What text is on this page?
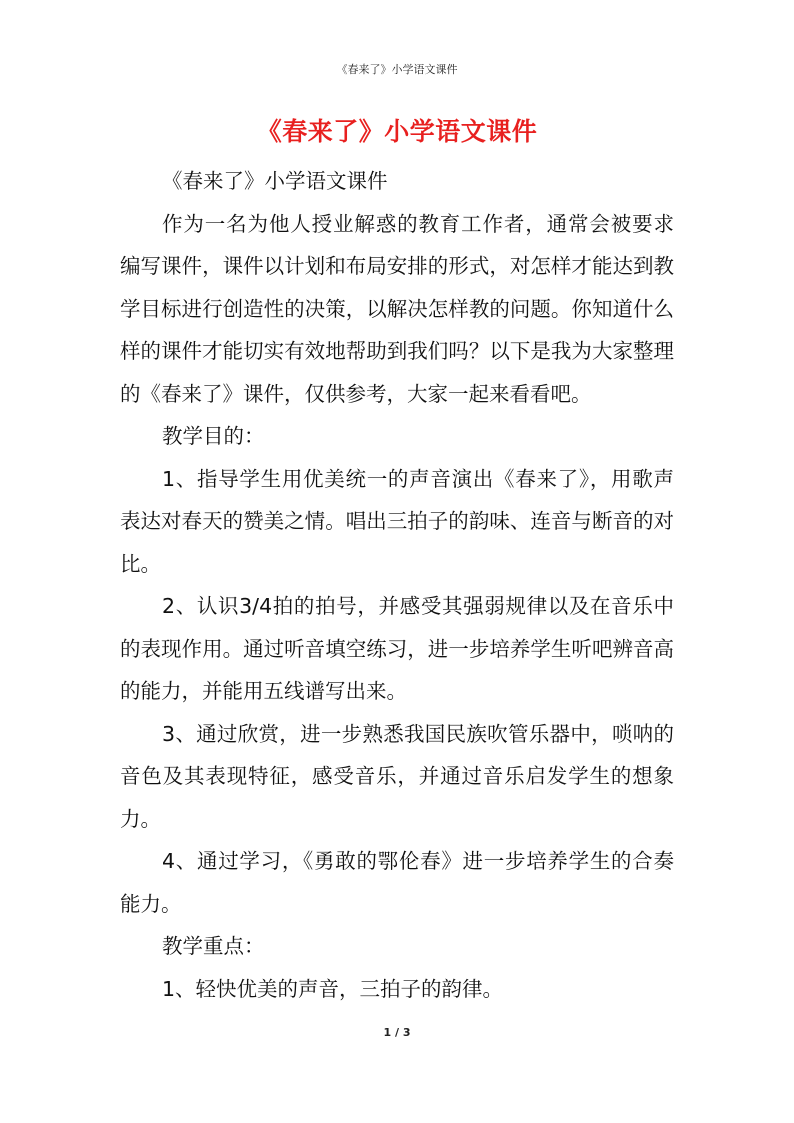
《春来了》小学语文课件
《春来了》小学语文课件

《春来了》小学语文课件

作为一名为他人授业解惑的教育工作者，通常会被要求编写课件，课件以计划和布局安排的形式，对怎样才能达到教学目标进行创造性的决策，以解决怎样教的问题。你知道什么样的课件才能切实有效地帮助到我们吗？以下是我为大家整理的《春来了》课件，仅供参考，大家一起来看看吧。

教学目的：

1、指导学生用优美统一的声音演出《春来了》，用歌声表达对春天的赞美之情。唱出三拍子的韵味、连音与断音的对比。

2、认识3/4拍的拍号，并感受其强弱规律以及在音乐中的表现作用。通过听音填空练习，进一步培养学生听吧辨音高的能力，并能用五线谱写出来。

3、通过欣赏，进一步熟悉我国民族吹管乐器中，唢呐的音色及其表现特征，感受音乐，并通过音乐启发学生的想象力。

4、通过学习，《勇敢的鄂伦春》进一步培养学生的合奏能力。

教学重点：

1、轻快优美的声音，三拍子的韵律。

1 / 3
